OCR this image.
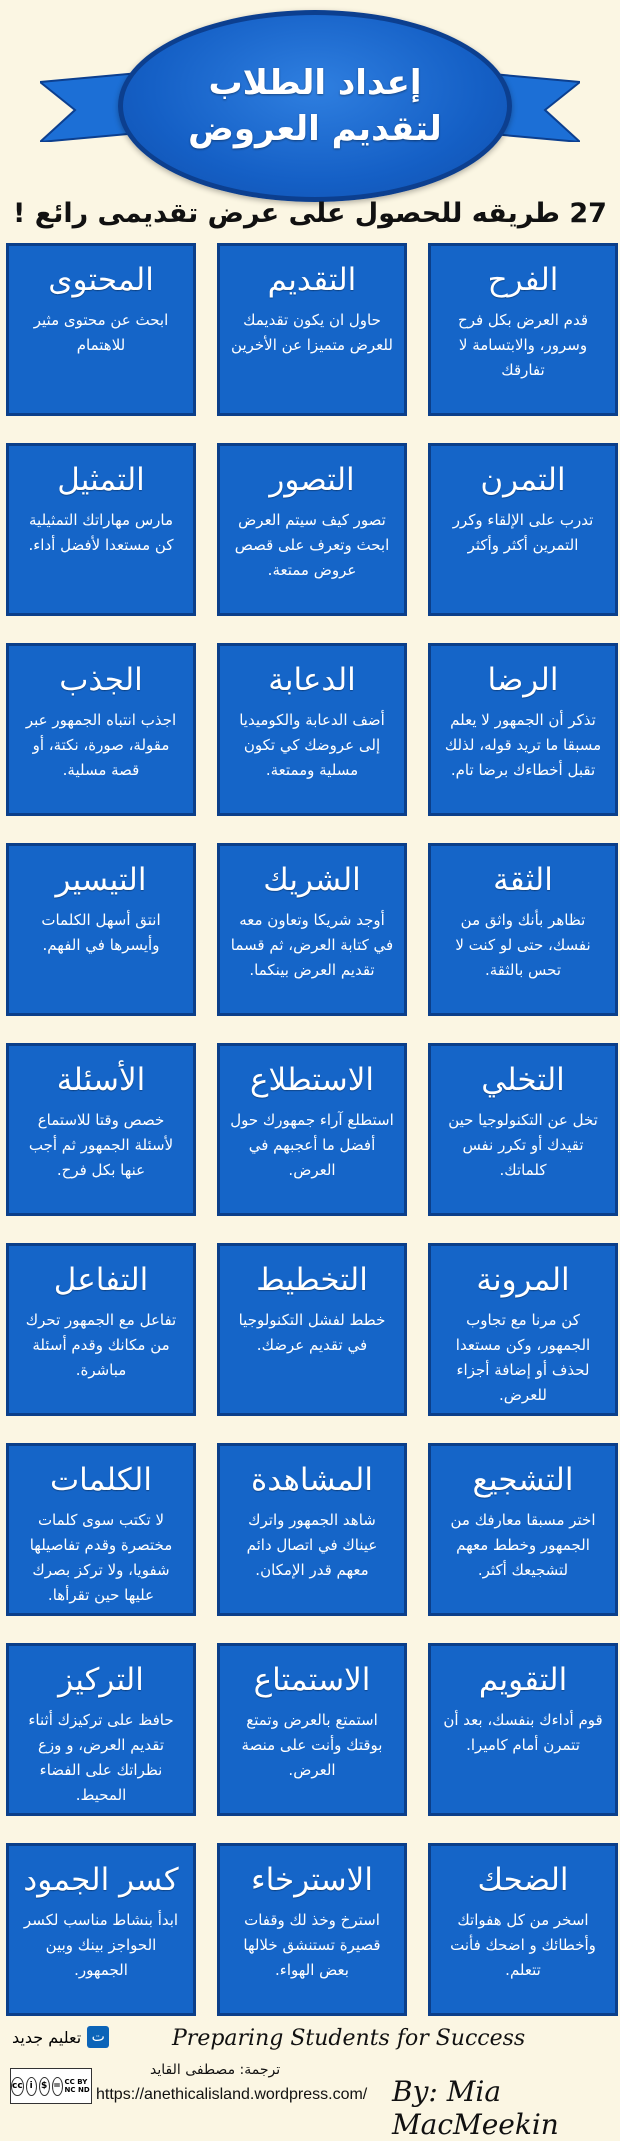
إعداد الطلاب
لتقديم العروض
27 طريقه للحصول على عرض تقديمى رائع !
الفرح
قدم العرض بكل فرح وسرور، والابتسامة لا تفارقك
التقديم
حاول ان يكون تقديمك للعرض متميزا عن الأخرين
المحتوى
ابحث عن محتوى مثير للاهتمام
التمرن
تدرب على الإلقاء وكرر التمرين أكثر وأكثر
التصور
تصور كيف سيتم العرض ابحث وتعرف على قصص عروض ممتعة.
التمثيل
مارس مهاراتك التمثيلية كن مستعدا لأفضل أداء.
الرضا
تذكر أن الجمهور لا يعلم مسبقا ما تريد قوله، لذلك تقبل أخطاءك برضا تام.
الدعابة
أضف الدعابة والكوميديا إلى عروضك كي تكون مسلية وممتعة.
الجذب
اجذب انتباه الجمهور عبر مقولة، صورة، نكتة، أو قصة مسلية.
الثقة
تظاهر بأنك واثق من نفسك، حتى لو كنت لا تحس بالثقة.
الشريك
أوجد شريكا وتعاون معه في كتابة العرض، ثم قسما تقديم العرض بينكما.
التيسير
انتق أسهل الكلمات وأيسرها في الفهم.
التخلي
تخل عن التكنولوجيا حين تقيدك أو تكرر نفس كلماتك.
الاستطلاع
استطلع آراء جمهورك حول أفضل ما أعجبهم في العرض.
الأسئلة
خصص وقتا للاستماع لأسئلة الجمهور ثم أجب عنها بكل فرح.
المرونة
كن مرنا مع تجاوب الجمهور، وكن مستعدا لحذف أو إضافة أجزاء للعرض.
التخطيط
خطط لفشل التكنولوجيا في تقديم عرضك.
التفاعل
تفاعل مع الجمهور تحرك من مكانك وقدم أسئلة مباشرة.
التشجيع
اختر مسبقا معارفك من الجمهور وخطط معهم لتشجيعك أكثر.
المشاهدة
شاهد الجمهور واترك عيناك في اتصال دائم معهم قدر الإمكان.
الكلمات
لا تكتب سوى كلمات مختصرة وقدم تفاصيلها شفويا، ولا تركز بصرك عليها حين تقرأها.
التقويم
قوم أداءك بنفسك، بعد أن تتمرن أمام كاميرا.
الاستمتاع
استمتع بالعرض وتمتع بوقتك وأنت على منصة العرض.
التركيز
حافظ على تركيزك أثناء تقديم العرض، و وزع نظراتك على الفضاء المحيط.
الضحك
اسخر من كل هفواتك وأخطائك و اضحك فأنت تتعلم.
الاسترخاء
استرخ وخذ لك وقفات قصيرة تستنشق خلالها بعض الهواء.
كسر الجمود
ابدأ بنشاط مناسب لكسر الحواجز بينك وبين الجمهور.
ت
تعليم جديد	Preparing Students for Success
cc i $ = CC BY NC ND
ترجمة: مصطفى القايد
https://anethicalisland.wordpress.com/ By: Mia MacMeekin
